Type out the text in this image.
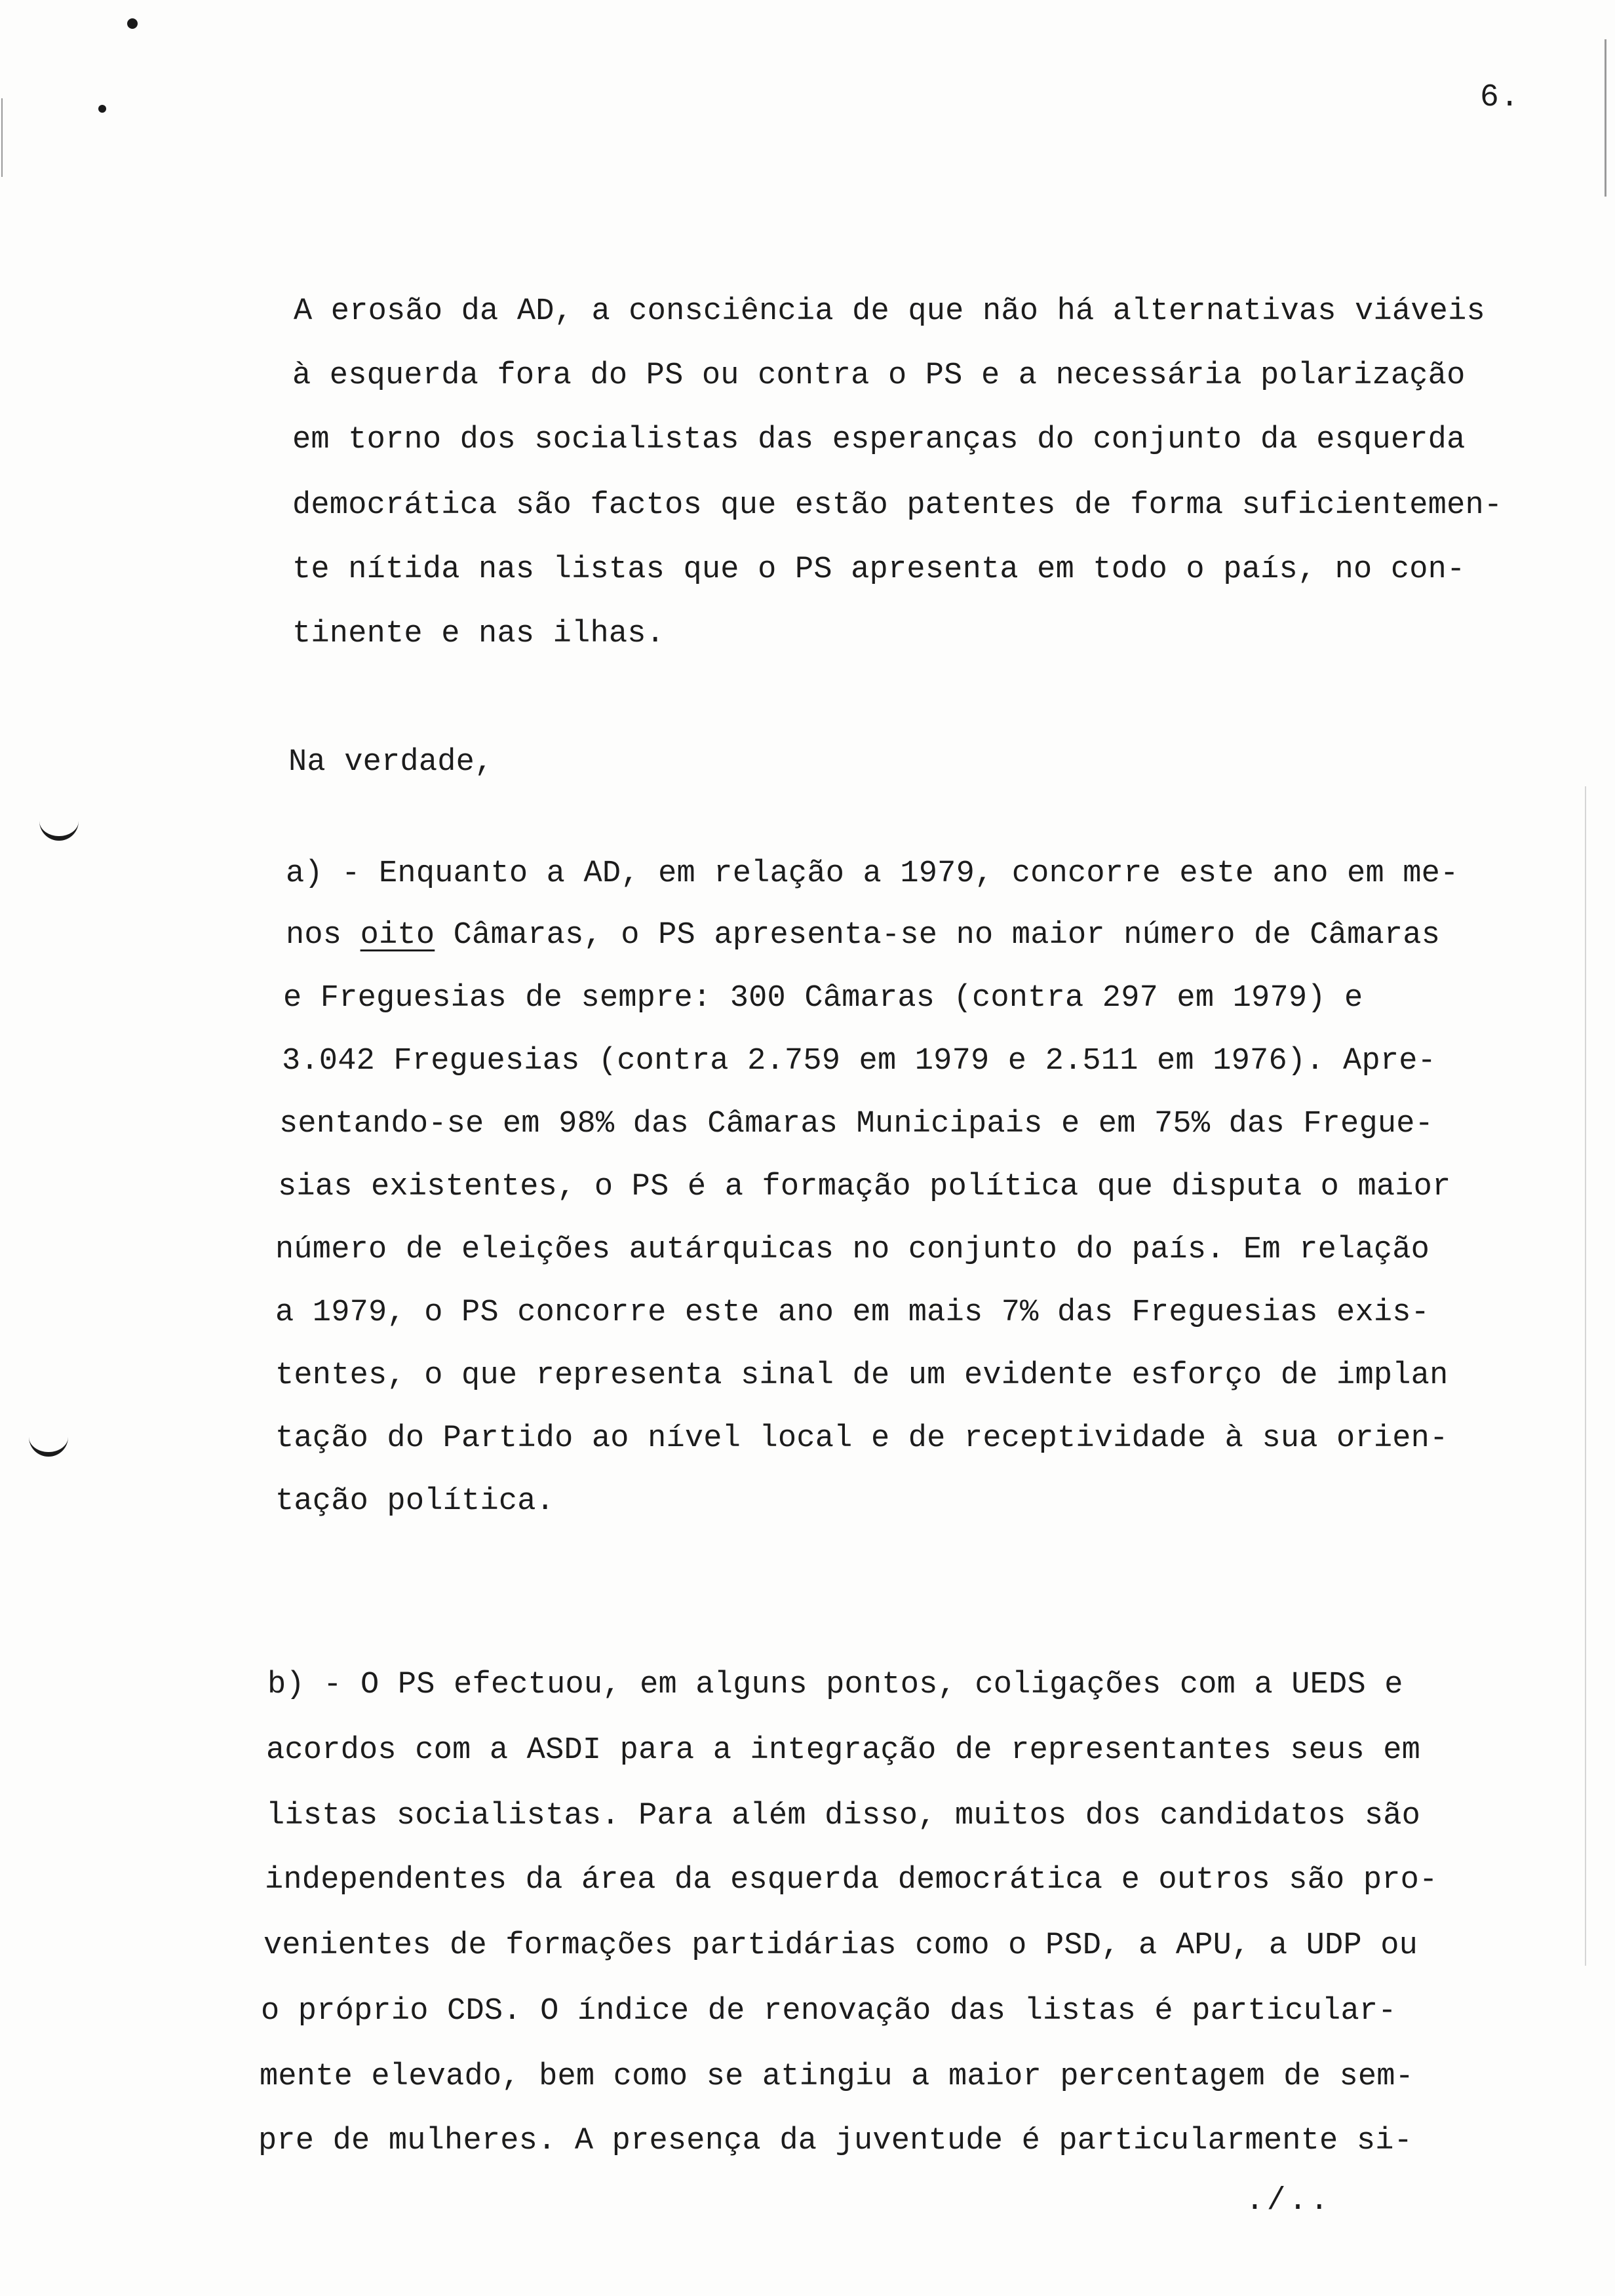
6.
A erosão da AD, a consciência de que não há alternativas viáveis
à esquerda fora do PS ou contra o PS e a necessária polarização
em torno dos socialistas das esperanças do conjunto da esquerda
democrática são factos que estão patentes de forma suficientemen-
te nítida nas listas que o PS apresenta em todo o país, no con-
tinente e nas ilhas.
Na verdade,
a) - Enquanto a AD, em relação a 1979, concorre este ano em me-
nos oito Câmaras, o PS apresenta-se no maior número de Câmaras
e Freguesias de sempre: 300 Câmaras (contra 297 em 1979) e
3.042 Freguesias (contra 2.759 em 1979 e 2.511 em 1976). Apre-
sentando-se em 98% das Câmaras Municipais e em 75% das Fregue-
sias existentes, o PS é a formação política que disputa o maior
número de eleições autárquicas no conjunto do país. Em relação
a 1979, o PS concorre este ano em mais 7% das Freguesias exis-
tentes, o que representa sinal de um evidente esforço de implan
tação do Partido ao nível local e de receptividade à sua orien-
tação política.
b) - O PS efectuou, em alguns pontos, coligações com a UEDS e
acordos com a ASDI para a integração de representantes seus em
listas socialistas. Para além disso, muitos dos candidatos são
independentes da área da esquerda democrática e outros são pro-
venientes de formações partidárias como o PSD, a APU, a UDP ou
o próprio CDS. O índice de renovação das listas é particular-
mente elevado, bem como se atingiu a maior percentagem de sem-
pre de mulheres. A presença da juventude é particularmente si-
./..
